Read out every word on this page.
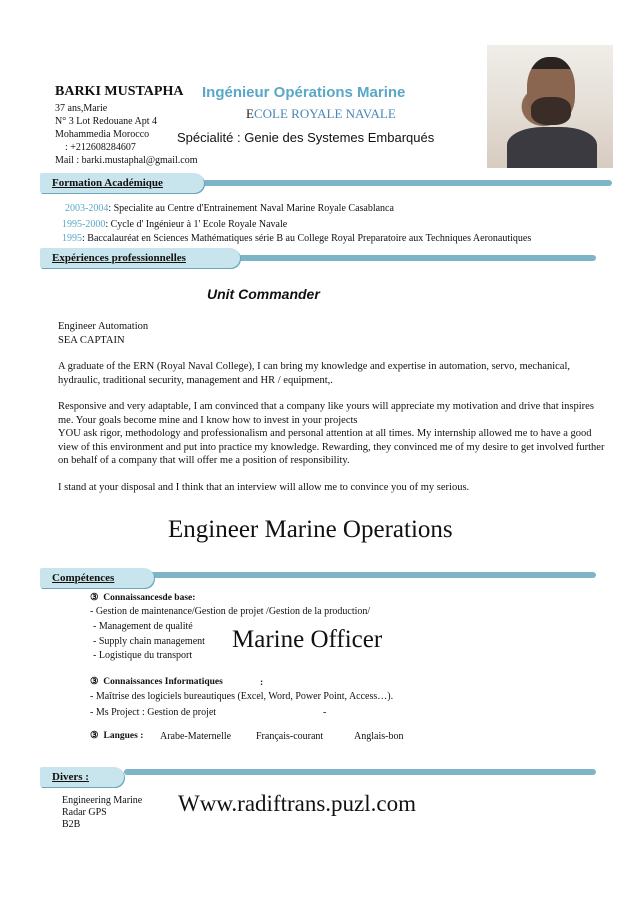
BARKI MUSTAPHA
37 ans,Marie
N° 3 Lot Redouane Apt 4
Mohammedia Morocco
: +212608284607
Mail : barki.mustaphal@gmail.com
Ingénieur Opérations Marine
ECOLE ROYALE NAVALE
Spécialité : Genie des Systemes Embarqués
Formation Académique
2003-2004: Specialite au Centre d'Entrainement Naval Marine Royale Casablanca
1995-2000: Cycle d' Ingénieur à 1' Ecole Royale Navale
1995: Baccalauréat en Sciences Mathématiques série B au College Royal Preparatoire aux Techniques Aeronautiques
Expériences professionnelles
Unit Commander
Engineer Automation
SEA CAPTAIN
A graduate of the ERN (Royal Naval College), I can bring my knowledge and expertise in automation, servo, mechanical, hydraulic, traditional security, management and HR / equipment,.
Responsive and very adaptable, I am convinced that a company like yours will appreciate my motivation and drive that inspires me. Your goals become mine and I know how to invest in your projects
YOU ask rigor, methodology and professionalism and personal attention at all times. My internship allowed me to have a good view of this environment and put into practice my knowledge. Rewarding, they convinced me of my desire to get involved further on behalf of a company that will offer me a position of responsibility.
I stand at your disposal and I think that an interview will allow me to convince you of my serious.
Engineer Marine Operations
Compétences
③ Connaissancesde base:
- Gestion de maintenance/Gestion de projet /Gestion de la production/
- Management de qualité
- Supply chain management
- Logistique du transport
Marine Officer
③ Connaissances Informatiques	:
- Maîtrise des logiciels bureautiques (Excel, Word, Power Point, Access…).
- Ms Project : Gestion de projet	-
③ Langues : Arabe-Maternelle Français-courant	Anglais-bon
Divers :
Engineering Marine
Radar GPS
B2B
Www.radiftrans.puzl.com
